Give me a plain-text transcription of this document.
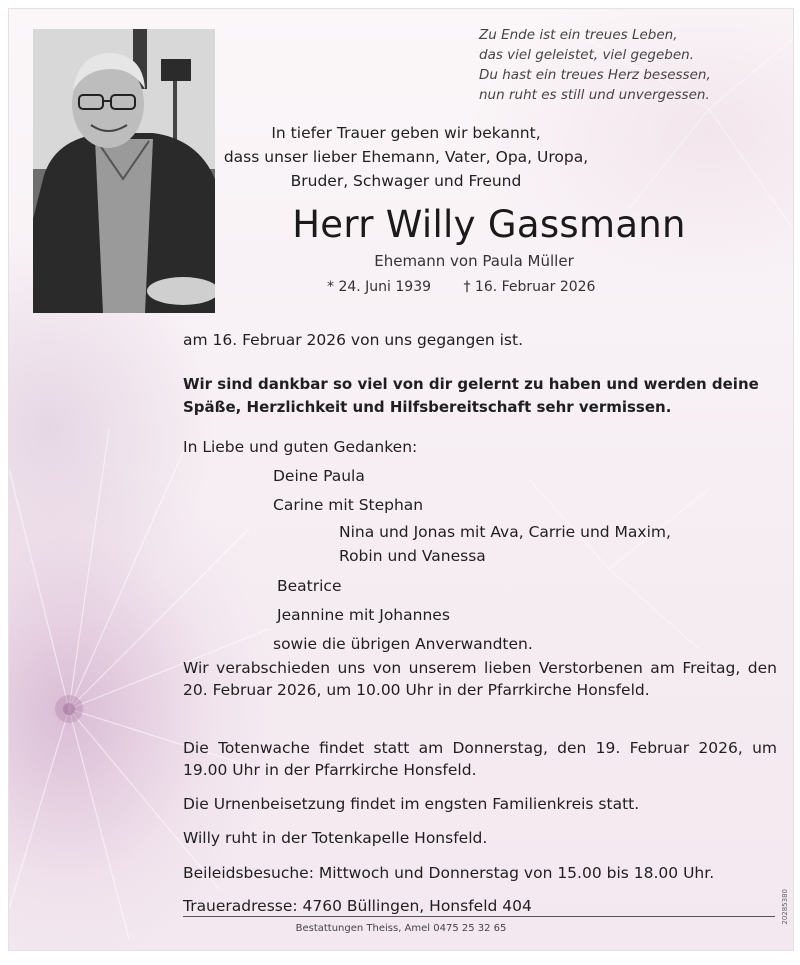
Zu Ende ist ein treues Leben,
das viel geleistet, viel gegeben.
Du hast ein treues Herz besessen,
nun ruht es still und unvergessen.
In tiefer Trauer geben wir bekannt,
dass unser lieber Ehemann, Vater, Opa, Uropa,
Bruder, Schwager und Freund
Herr Willy Gassmann
Ehemann von Paula Müller
* 24. Juni 1939 † 16. Februar 2026
am 16. Februar 2026 von uns gegangen ist.
Wir sind dankbar so viel von dir gelernt zu haben und werden deine Späße, Herzlichkeit und Hilfsbereitschaft sehr vermissen.
In Liebe und guten Gedanken:
Deine Paula
Carine mit Stephan
Nina und Jonas mit Ava, Carrie und Maxim,
Robin und Vanessa
Beatrice
Jeannine mit Johannes
sowie die übrigen Anverwandten.
Wir verabschieden uns von unserem lieben Verstorbenen am Freitag, den 20. Februar 2026, um 10.00 Uhr in der Pfarrkirche Honsfeld.
Die Totenwache findet statt am Donnerstag, den 19. Februar 2026, um 19.00 Uhr in der Pfarrkirche Honsfeld.
Die Urnenbeisetzung findet im engsten Familienkreis statt.
Willy ruht in der Totenkapelle Honsfeld.
Beileidsbesuche: Mittwoch und Donnerstag von 15.00 bis 18.00 Uhr.
Traueradresse: 4760 Büllingen, Honsfeld 404
Bestattungen Theiss, Amel 0475 25 32 65
20285380
